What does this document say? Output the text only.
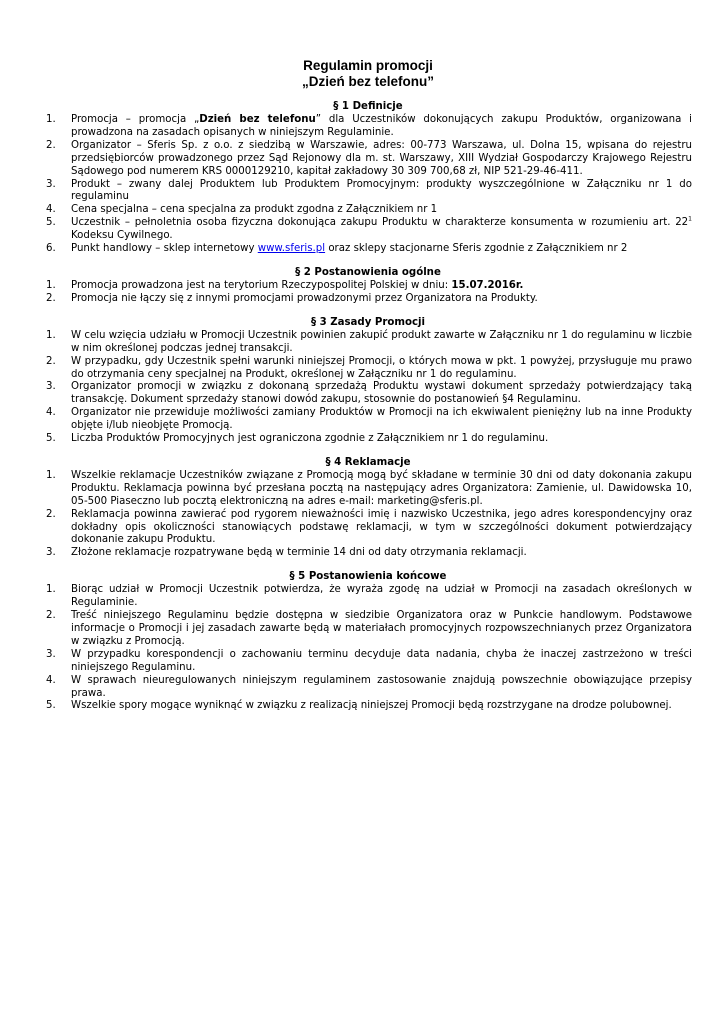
Regulamin promocji
„Dzień bez telefonu”
§ 1 Definicje
1. Promocja – promocja „Dzień bez telefonu” dla Uczestników dokonujących zakupu Produktów, organizowana i prowadzona na zasadach opisanych w niniejszym Regulaminie.
2. Organizator – Sferis Sp. z o.o. z siedzibą w Warszawie, adres: 00-773 Warszawa, ul. Dolna 15, wpisana do rejestru przedsiębiorców prowadzonego przez Sąd Rejonowy dla m. st. Warszawy, XIII Wydział Gospodarczy Krajowego Rejestru Sądowego pod numerem KRS 0000129210, kapitał zakładowy 30 309 700,68 zł, NIP 521-29-46-411.
3. Produkt – zwany dalej Produktem lub Produktem Promocyjnym: produkty wyszczególnione w Załączniku nr 1 do regulaminu
4. Cena specjalna – cena specjalna za produkt zgodna z Załącznikiem nr 1
5. Uczestnik – pełnoletnia osoba fizyczna dokonująca zakupu Produktu w charakterze konsumenta w rozumieniu art. $22^1$ Kodeksu Cywilnego.
6. Punkt handlowy – sklep internetowy www.sferis.pl oraz sklepy stacjonarne Sferis zgodnie z Załącznikiem nr 2
§ 2 Postanowienia ogólne
1. Promocja prowadzona jest na terytorium Rzeczypospolitej Polskiej w dniu: 15.07.2016r.
2. Promocja nie łączy się z innymi promocjami prowadzonymi przez Organizatora na Produkty.
§ 3 Zasady Promocji
1. W celu wzięcia udziału w Promocji Uczestnik powinien zakupić produkt zawarte w Załączniku nr 1 do regulaminu w liczbie w nim określonej podczas jednej transakcji.
2. W przypadku, gdy Uczestnik spełni warunki niniejszej Promocji, o których mowa w pkt. 1 powyżej, przysługuje mu prawo do otrzymania ceny specjalnej na Produkt, określonej w Załączniku nr 1 do regulaminu.
3. Organizator promocji w związku z dokonaną sprzedażą Produktu wystawi dokument sprzedaży potwierdzający taką transakcję. Dokument sprzedaży stanowi dowód zakupu, stosownie do postanowień §4 Regulaminu.
4. Organizator nie przewiduje możliwości zamiany Produktów w Promocji na ich ekwiwalent pieniężny lub na inne Produkty objęte i/lub nieobjęte Promocją.
5. Liczba Produktów Promocyjnych jest ograniczona zgodnie z Załącznikiem nr 1 do regulaminu.
§ 4 Reklamacje
1. Wszelkie reklamacje Uczestników związane z Promocją mogą być składane w terminie 30 dni od daty dokonania zakupu Produktu. Reklamacja powinna być przesłana pocztą na następujący adres Organizatora: Zamienie, ul. Dawidowska 10, 05-500 Piaseczno lub pocztą elektroniczną na adres e-mail: marketing@sferis.pl.
2. Reklamacja powinna zawierać pod rygorem nieważności imię i nazwisko Uczestnika, jego adres korespondencyjny oraz dokładny opis okoliczności stanowiących podstawę reklamacji, w tym w szczególności dokument potwierdzający dokonanie zakupu Produktu.
3. Złożone reklamacje rozpatrywane będą w terminie 14 dni od daty otrzymania reklamacji.
§ 5 Postanowienia końcowe
1. Biorąc udział w Promocji Uczestnik potwierdza, że wyraża zgodę na udział w Promocji na zasadach określonych w Regulaminie.
2. Treść niniejszego Regulaminu będzie dostępna w siedzibie Organizatora oraz w Punkcie handlowym. Podstawowe informacje o Promocji i jej zasadach zawarte będą w materiałach promocyjnych rozpowszechnianych przez Organizatora w związku z Promocją.
3. W przypadku korespondencji o zachowaniu terminu decyduje data nadania, chyba że inaczej zastrzeżono w treści niniejszego Regulaminu.
4. W sprawach nieuregulowanych niniejszym regulaminem zastosowanie znajdują powszechnie obowiązujące przepisy prawa.
5. Wszelkie spory mogące wyniknąć w związku z realizacją niniejszej Promocji będą rozstrzygane na drodze polubownej.
